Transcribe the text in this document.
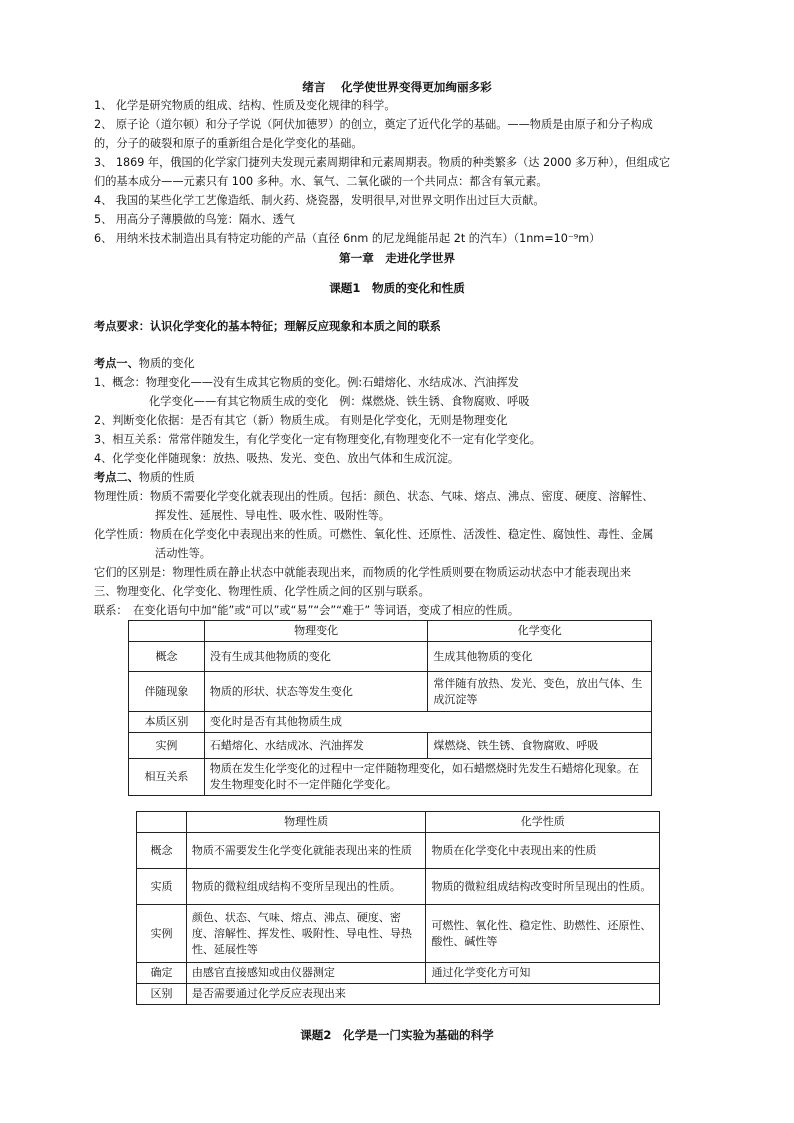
绪言　 化学使世界变得更加绚丽多彩
1、 化学是研究物质的组成、结构、性质及变化规律的科学。
2、 原子论（道尔顿）和分子学说（阿伏加德罗）的创立，奠定了近代化学的基础。——物质是由原子和分子构成
的，分子的破裂和原子的重新组合是化学变化的基础。
3、 1869 年，俄国的化学家门捷列夫发现元素周期律和元素周期表。物质的种类繁多（达 2000 多万种），但组成它
们的基本成分——元素只有 100 多种。水、氧气、二氧化碳的一个共同点：都含有氧元素。
4、 我国的某些化学工艺像造纸、制火药、烧瓷器，发明很早,对世界文明作出过巨大贡献。
5、 用高分子薄膜做的鸟笼：隔水、透气
6、 用纳米技术制造出具有特定功能的产品（直径 6nm 的尼龙绳能吊起 2t 的汽车）（1nm=10⁻⁹m）
第一章　走进化学世界
课题1　物质的变化和性质
考点要求：认识化学变化的基本特征；理解反应现象和本质之间的联系
考点一、物质的变化
1、概念：物理变化——没有生成其它物质的变化。例:石蜡熔化、水结成冰、汽油挥发
化学变化——有其它物质生成的变化　例：煤燃烧、铁生锈、食物腐败、呼吸
2、判断变化依据：是否有其它（新）物质生成。 有则是化学变化，无则是物理变化
3、相互关系：常常伴随发生，有化学变化一定有物理变化,有物理变化不一定有化学变化。
4、化学变化伴随现象：放热、吸热、发光、变色、放出气体和生成沉淀。
考点二、物质的性质
物理性质：物质不需要化学变化就表现出的性质。包括：颜色、状态、气味、熔点、沸点、密度、硬度、溶解性、
挥发性、延展性、导电性、吸水性、吸附性等。
化学性质：物质在化学变化中表现出来的性质。可燃性、氧化性、还原性、活泼性、稳定性、腐蚀性、毒性、金属
活动性等。
它们的区别是：物理性质在静止状态中就能表现出来，而物质的化学性质则要在物质运动状态中才能表现出来
三、物理变化、化学变化、物理性质、化学性质之间的区别与联系。
联系：　在变化语句中加“能”或“可以”或“易”“会”“难于” 等词语，变成了相应的性质。
	物理变化	化学变化
概念	没有生成其他物质的变化	生成其他物质的变化
伴随现象	物质的形状、状态等发生变化	常伴随有放热、发光、变色，放出气体、生成沉淀等
本质区别	变化时是否有其他物质生成	
实例	石蜡熔化、水结成冰、汽油挥发	煤燃烧、铁生锈、食物腐败、呼吸
相互关系	物质在发生化学变化的过程中一定伴随物理变化，如石蜡燃烧时先发生石蜡熔化现象。在发生物理变化时不一定伴随化学变化。	
	物理性质	化学性质
概念	物质不需要发生化学变化就能表现出来的性质	物质在化学变化中表现出来的性质
实质	物质的微粒组成结构不变所呈现出的性质。	物质的微粒组成结构改变时所呈现出的性质。
实例	颜色、状态、气味、熔点、沸点、硬度、密度、溶解性、挥发性、吸附性、导电性、导热性、延展性等	可燃性、氧化性、稳定性、助燃性、还原性、酸性、碱性等
确定	由感官直接感知或由仪器测定	通过化学变化方可知
区别	是否需要通过化学反应表现出来	
课题2　化学是一门实验为基础的科学
